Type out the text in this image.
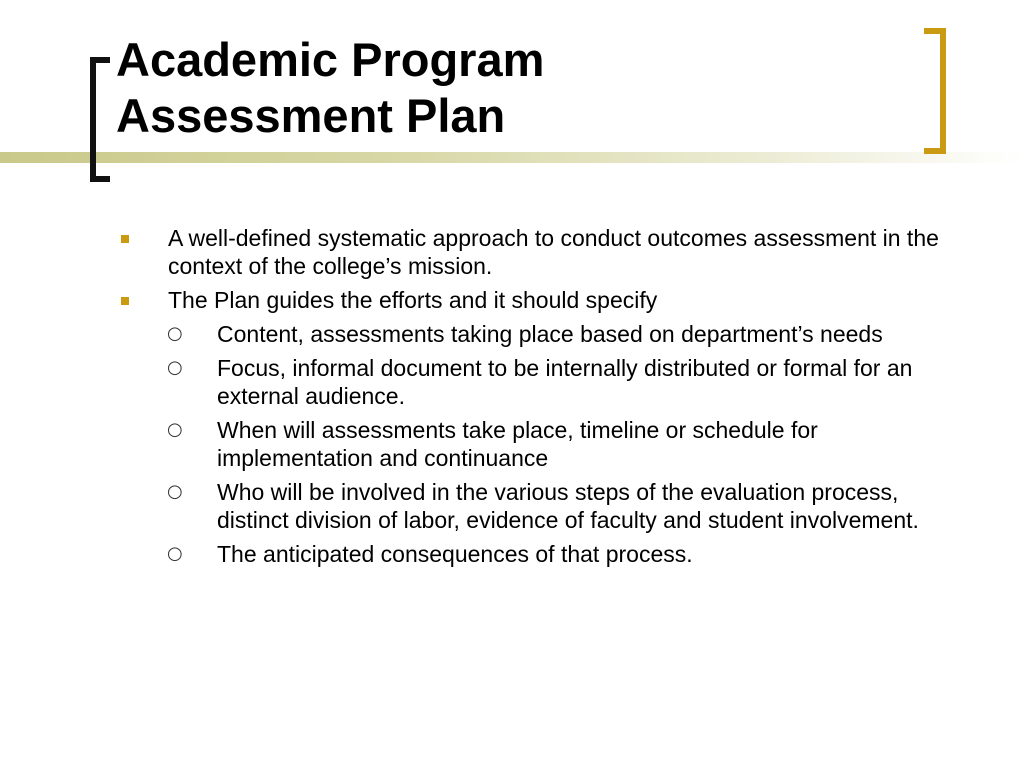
Academic Program
Assessment Plan
A well-defined systematic approach to conduct outcomes assessment in the context of the college’s mission.
The Plan guides the efforts and it should specify
○ Content, assessments taking place based on department’s needs
○ Focus, informal document to be internally distributed or formal for an external audience.
○ When will assessments take place, timeline or schedule for implementation and continuance
○ Who will be involved in the various steps of the evaluation process, distinct division of labor, evidence of faculty and student involvement.
○ The anticipated consequences of that process.
